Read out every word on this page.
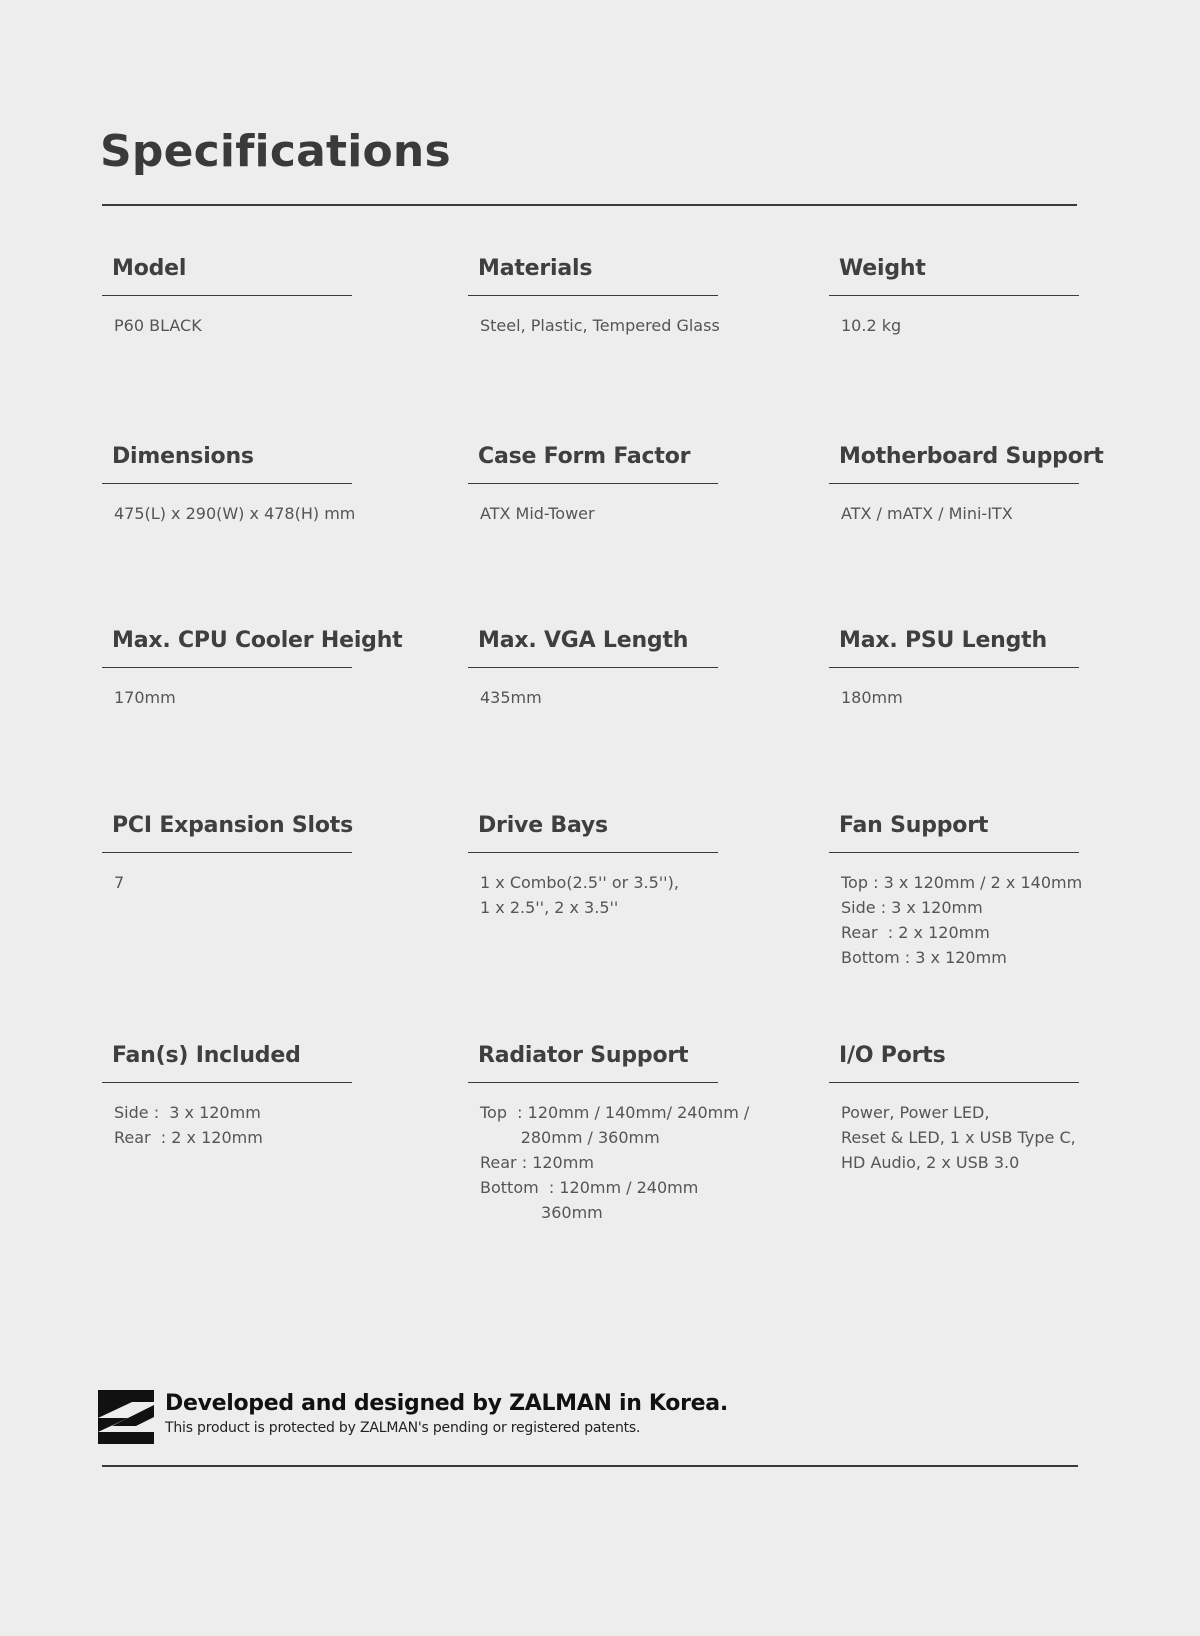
Specifications
Model
P60 BLACK
Materials
Steel, Plastic, Tempered Glass
Weight
10.2 kg
Dimensions
475(L) x 290(W) x 478(H) mm
Case Form Factor
ATX Mid-Tower
Motherboard Support
ATX / mATX / Mini-ITX
Max. CPU Cooler Height
170mm
Max. VGA Length
435mm
Max. PSU Length
180mm
PCI Expansion Slots
7
Drive Bays
1 x Combo(2.5'' or 3.5''),
1 x 2.5'', 2 x 3.5''
Fan Support
Top : 3 x 120mm / 2 x 140mm
Side : 3 x 120mm
Rear  : 2 x 120mm
Bottom : 3 x 120mm
Fan(s) Included
Side :  3 x 120mm
Rear  : 2 x 120mm
Radiator Support
Top  : 120mm / 140mm/ 240mm /
280mm / 360mm
Rear : 120mm
Bottom  : 120mm / 240mm
360mm
I/O Ports
Power, Power LED,
Reset & LED, 1 x USB Type C,
HD Audio, 2 x USB 3.0
Developed and designed by ZALMAN in Korea.
This product is protected by ZALMAN's pending or registered patents.
